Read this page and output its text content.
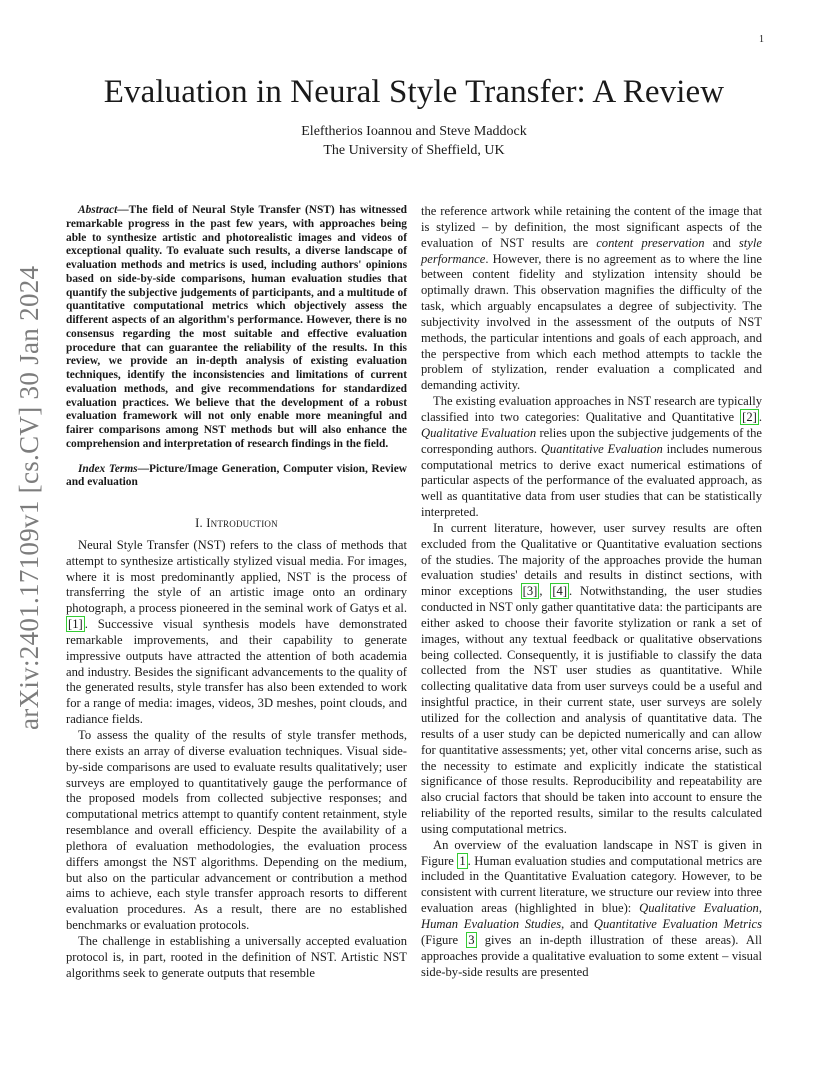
1
arXiv:2401.17109v1 [cs.CV] 30 Jan 2024
Evaluation in Neural Style Transfer: A Review
Eleftherios Ioannou and Steve Maddock
The University of Sheffield, UK

Abstract—The field of Neural Style Transfer (NST) has witnessed remarkable progress in the past few years, with approaches being able to synthesize artistic and photorealistic images and videos of exceptional quality. To evaluate such results, a diverse landscape of evaluation methods and metrics is used, including authors' opinions based on side-by-side comparisons, human evaluation studies that quantify the subjective judgements of participants, and a multitude of quantitative computational metrics which objectively assess the different aspects of an algorithm's performance. However, there is no consensus regarding the most suitable and effective evaluation procedure that can guarantee the reliability of the results. In this review, we provide an in-depth analysis of existing evaluation techniques, identify the inconsistencies and limitations of current evaluation methods, and give recommendations for standardized evaluation practices. We believe that the development of a robust evaluation framework will not only enable more meaningful and fairer comparisons among NST methods but will also enhance the comprehension and interpretation of research findings in the field.

Index Terms—Picture/Image Generation, Computer vision, Review and evaluation

I. Introduction

Neural Style Transfer (NST) refers to the class of methods that attempt to synthesize artistically stylized visual media. For images, where it is most predominantly applied, NST is the process of transferring the style of an artistic image onto an ordinary photograph, a process pioneered in the seminal work of Gatys et al. [1] . Successive visual synthesis models have demonstrated remarkable improvements, and their capability to generate impressive outputs have attracted the attention of both academia and industry. Besides the significant advancements to the quality of the generated results, style transfer has also been extended to work for a range of media: images, videos, 3D meshes, point clouds, and radiance fields.

To assess the quality of the results of style transfer methods, there exists an array of diverse evaluation techniques. Visual side-by-side comparisons are used to evaluate results qualitatively; user surveys are employed to quantitatively gauge the performance of the proposed models from collected subjective responses; and computational metrics attempt to quantify content retainment, style resemblance and overall efficiency. Despite the availability of a plethora of evaluation methodologies, the evaluation process differs amongst the NST algorithms. Depending on the medium, but also on the particular advancement or contribution a method aims to achieve, each style transfer approach resorts to different evaluation procedures. As a result, there are no established benchmarks or evaluation protocols.

The challenge in establishing a universally accepted evaluation protocol is, in part, rooted in the definition of NST. Artistic NST algorithms seek to generate outputs that resemble

the reference artwork while retaining the content of the image that is stylized – by definition, the most significant aspects of the evaluation of NST results are content preservation and style performance. However, there is no agreement as to where the line between content fidelity and stylization intensity should be optimally drawn. This observation magnifies the difficulty of the task, which arguably encapsulates a degree of subjectivity. The subjectivity involved in the assessment of the outputs of NST methods, the particular intentions and goals of each approach, and the perspective from which each method attempts to tackle the problem of stylization, render evaluation a complicated and demanding activity.

The existing evaluation approaches in NST research are typically classified into two categories: Qualitative and Quantitative [2] . Qualitative Evaluation relies upon the subjective judgements of the corresponding authors. Quantitative Evaluation includes numerous computational metrics to derive exact numerical estimations of particular aspects of the performance of the evaluated approach, as well as quantitative data from user studies that can be statistically interpreted.

In current literature, however, user survey results are often excluded from the Qualitative or Quantitative evaluation sections of the studies. The majority of the approaches provide the human evaluation studies' details and results in distinct sections, with minor exceptions [3] , [4] . Notwithstanding, the user studies conducted in NST only gather quantitative data: the participants are either asked to choose their favorite stylization or rank a set of images, without any textual feedback or qualitative observations being collected. Consequently, it is justifiable to classify the data collected from the NST user studies as quantitative. While collecting qualitative data from user surveys could be a useful and insightful practice, in their current state, user surveys are solely utilized for the collection and analysis of quantitative data. The results of a user study can be depicted numerically and can allow for quantitative assessments; yet, other vital concerns arise, such as the necessity to estimate and explicitly indicate the statistical significance of those results. Reproducibility and repeatability are also crucial factors that should be taken into account to ensure the reliability of the reported results, similar to the results calculated using computational metrics.

An overview of the evaluation landscape in NST is given in Figure 1 . Human evaluation studies and computational metrics are included in the Quantitative Evaluation category. However, to be consistent with current literature, we structure our review into three evaluation areas (highlighted in blue): Qualitative Evaluation, Human Evaluation Studies, and Quantitative Evaluation Metrics (Figure 3 gives an in-depth illustration of these areas). All approaches provide a qualitative evaluation to some extent – visual side-by-side results are presented
